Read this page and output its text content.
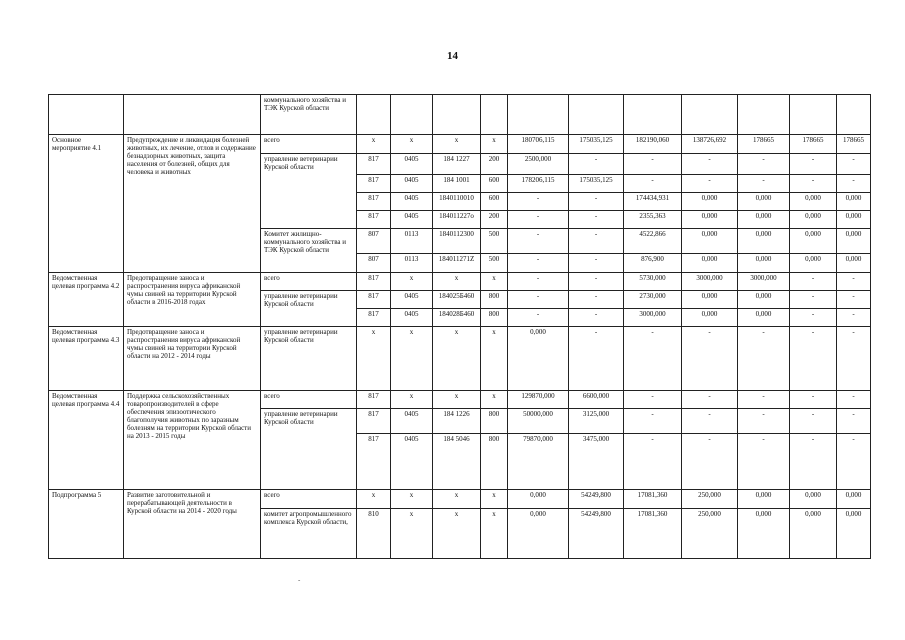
14
		коммунального хозяйства и ТЭК Курской области											
Основное мероприятие 4.1	Предупреждение и ликвидация болезней животных, их лечение, отлов и содержание безнадзорных животных, защита населения от болезней, общих для человека и животных	всего	х	х	х	х	180706,115	175035,125	182190,060	138726,692	178665	178665	178665
		управление ветеринарии Курской области	817	0405	184 1227	200	2500,000	-	-	-	-	-	-
			817	0405	184 1001	600	178206,115	175035,125	-	-	-	-	-
			817	0405	1840110010	600	-	-	174434,931	0,000	0,000	0,000	0,000
			817	0405	184011227o	200	-	-	2355,363	0,000	0,000	0,000	0,000
		Комитет жилищно-коммунального хозяйства и ТЭК Курской области	807	0113	1840112300	500	-	-	4522,866	0,000	0,000	0,000	0,000
			807	0113	184011271Z	500	-	-	876,900	0,000	0,000	0,000	0,000
Ведомственная целевая программа 4.2	Предотвращение заноса и распространения вируса африканской чумы свиней на территории Курской области в 2016-2018 годах	всего	817	х	х	х	-	-	5730,000	3000,000	3000,000	-	-
		управление ветеринарии Курской области	817	0405	184025Б460	800	-	-	2730,000	0,000	0,000	-	-
			817	0405	184028Б460	800	-	-	3000,000	0,000	0,000	-	-
Ведомственная целевая программа 4.3	Предотвращение заноса и распространения вируса африканской чумы свиней на территории Курской области на 2012 - 2014 годы	управление ветеринарии Курской области	х	х	х	х	0,000	-	-	-	-	-	-
Ведомственная целевая программа 4.4	Поддержка сельскохозяйственных товаропроизводителей в сфере обеспечения эпизоотического благополучия животных по заразным болезням на территории Курской области на 2013 - 2015 годы	всего	817	х	х	х	129870,000	6600,000	-	-	-	-	-
		управление ветеринарии Курской области	817	0405	184 1226	800	50000,000	3125,000	-	-	-	-	-
			817	0405	184 5046	800	79870,000	3475,000	-	-	-	-	-
Подпрограмма 5	Развитие заготовительной и перерабатывающей деятельности в Курской области на 2014 - 2020 годы	всего	х	х	х	х	0,000	54249,800	17081,360	250,000	0,000	0,000	0,000
		комитет агропромышленного комплекса Курской области,	810	х	х	х	0,000	54249,800	17081,360	250,000	0,000	0,000	0,000
-
